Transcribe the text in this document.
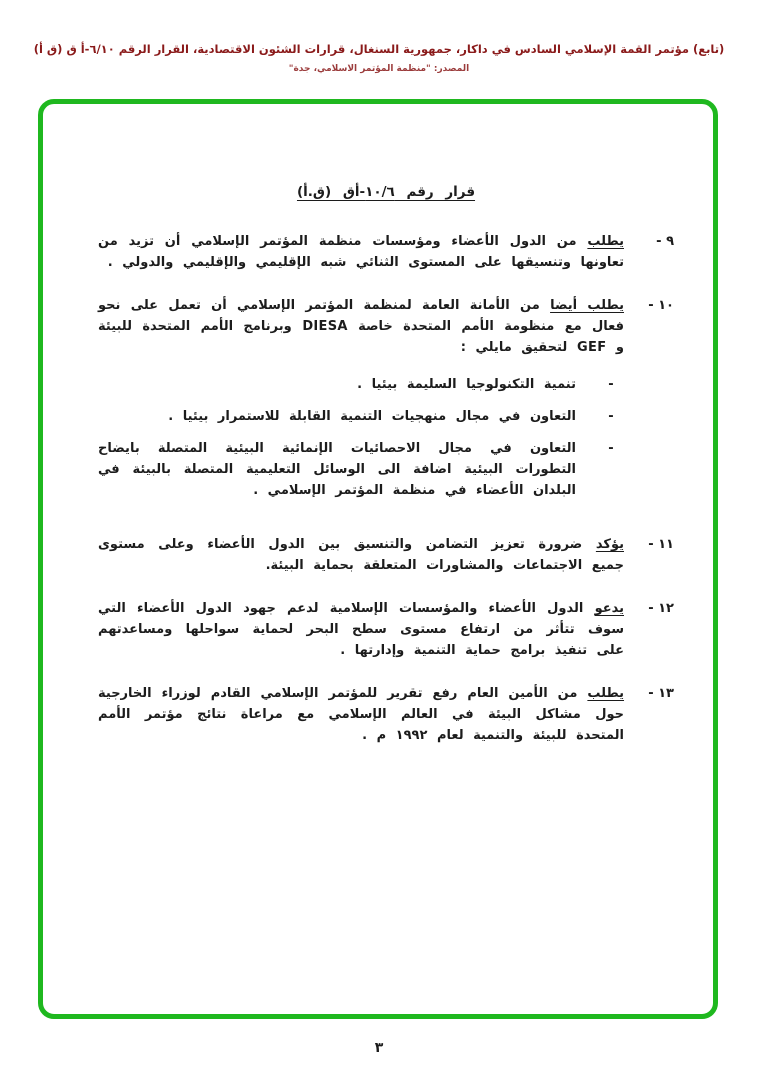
(تابع) مؤتمر القمة الإسلامي السادس في داكار، جمهورية السنغال، قرارات الشئون الاقتصادية، القرار الرقم ٦/١٠-أ ق (ق أ)
المصدر: "منظمة المؤتمر الاسلامي، جدة"
قرار رقم ١٠/٦-أق (ق.أ)
٩ -
يطلب من الدول الأعضاء ومؤسسات منظمة المؤتمر الإسلامي أن تزيد من تعاونها وتنسيقها على المستوى الثنائي شبه الإقليمي والإقليمي والدولي .
١٠ -
يطلب أيضا من الأمانة العامة لمنظمة المؤتمر الإسلامي أن تعمل على نحو فعال مع منظومة الأمم المتحدة خاصة DIESA وبرنامج الأمم المتحدة للبيئة و GEF لتحقيق مايلي :
-
تنمية التكنولوجيا السليمة بيئيا .
-
التعاون في مجال منهجيات التنمية القابلة للاستمرار بيئيا .
-
التعاون في مجال الاحصائيات الإنمائية البيئية المتصلة بايضاح التطورات البيئية اضافة الى الوسائل التعليمية المتصلة بالبيئة في البلدان الأعضاء في منظمة المؤتمر الإسلامي .
١١ -
يؤكد ضرورة تعزيز التضامن والتنسيق بين الدول الأعضاء وعلى مستوى جميع الاجتماعات والمشاورات المتعلقة بحماية البيئة.
١٢ -
يدعو الدول الأعضاء والمؤسسات الإسلامية لدعم جهود الدول الأعضاء التي سوف تتأثر من ارتفاع مستوى سطح البحر لحماية سواحلها ومساعدتهم على تنفيذ برامج حماية التنمية وإدارتها .
١٣ -
يطلب من الأمين العام رفع تقرير للمؤتمر الإسلامي القادم لوزراء الخارجية حول مشاكل البيئة في العالم الإسلامي مع مراعاة نتائج مؤتمر الأمم المتحدة للبيئة والتنمية لعام ١٩٩٢ م .
٣
